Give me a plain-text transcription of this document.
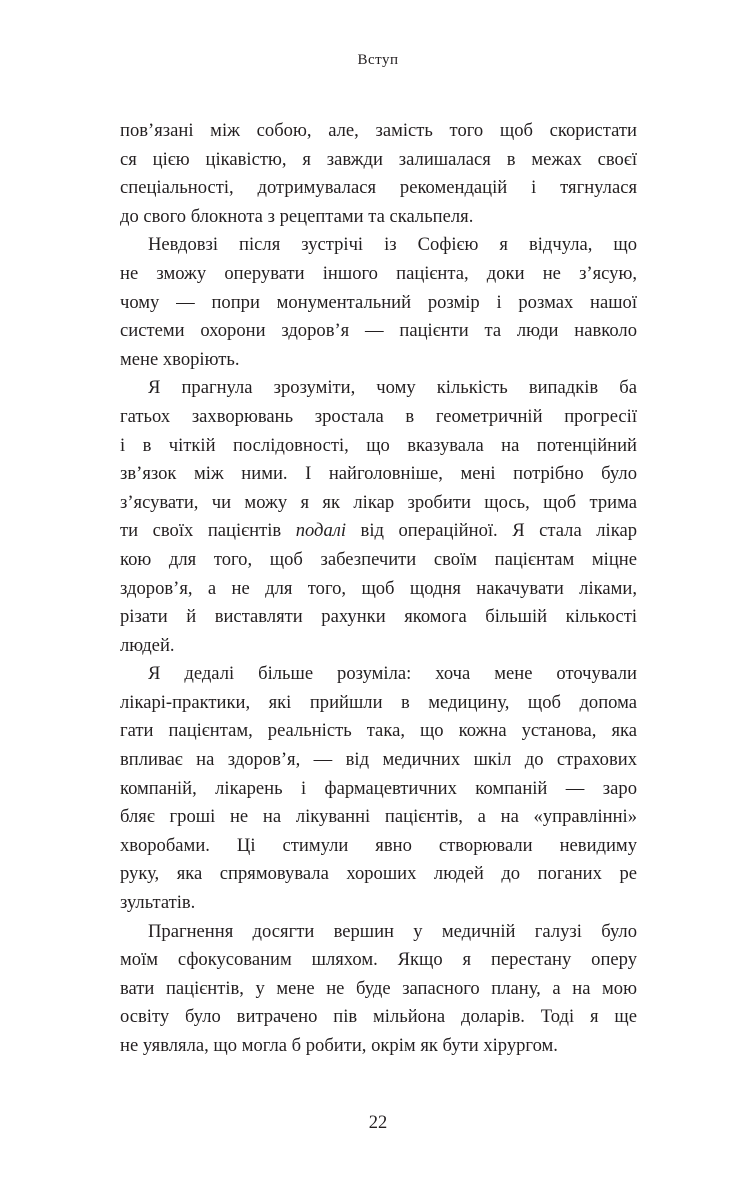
Вступ

пов’язані між собою, але, замість того щоб скористати
ся цією цікавістю, я завжди залишалася в межах своєї
спеціальності, дотримувалася рекомендацій і тягнулася
до свого блокнота з рецептами та скальпеля.

Невдовзі після зустрічі із Софією я відчула, що
не зможу оперувати іншого пацієнта, доки не з’ясую,
чому — попри монументальний розмір і розмах нашої
системи охорони здоров’я — пацієнти та люди навколо
мене хворіють.

Я прагнула зрозуміти, чому кількість випадків ба
гатьох захворювань зростала в геометричній прогресії
і в чіткій послідовності, що вказувала на потенційний
зв’язок між ними. І найголовніше, мені потрібно було
з’ясувати, чи можу я як лікар зробити щось, щоб трима
ти своїх пацієнтів подалі від операційної. Я стала лікар
кою для того, щоб забезпечити своїм пацієнтам міцне
здоров’я, а не для того, щоб щодня накачувати ліками,
різати й виставляти рахунки якомога більшій кількості
людей.

Я дедалі більше розуміла: хоча мене оточували
лікарі-практики, які прийшли в медицину, щоб допома
гати пацієнтам, реальність така, що кожна установа, яка
впливає на здоров’я, — від медичних шкіл до страхових
компаній, лікарень і фармацевтичних компаній — заро
бляє гроші не на лікуванні пацієнтів, а на «управлінні»
хворобами. Ці стимули явно створювали невидиму
руку, яка спрямовувала хороших людей до поганих ре
зультатів.

Прагнення досягти вершин у медичній галузі було
моїм сфокусованим шляхом. Якщо я перестану оперу
вати пацієнтів, у мене не буде запасного плану, а на мою
освіту було витрачено пів мільйона доларів. Тоді я ще
не уявляла, що могла б робити, окрім як бути хірургом.

22
